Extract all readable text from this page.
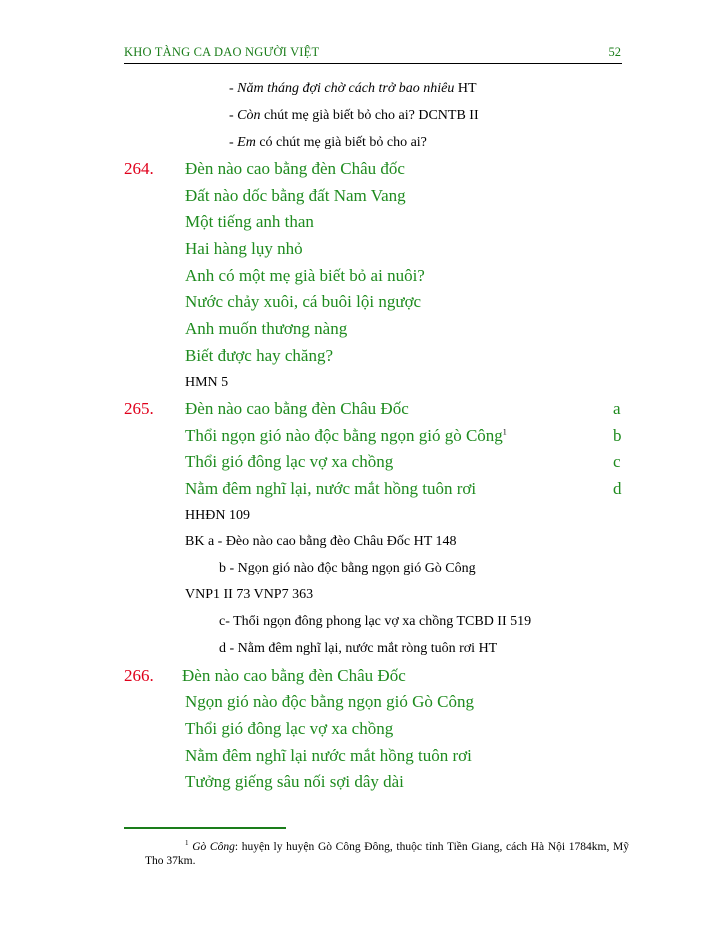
KHO TÀNG CA DAO NGƯỜI VIỆT	52
- Năm tháng đợi chờ cách trở bao nhiêu HT
- Còn chút mẹ già biết bỏ cho ai? DCNTB II
- Em có chút mẹ già biết bỏ cho ai?
264. Đèn nào cao bằng đèn Châu đốc
Đất nào dốc bằng đất Nam Vang
Một tiếng anh than
Hai hàng lụy nhỏ
Anh có một mẹ già biết bỏ ai nuôi?
Nước chảy xuôi, cá buôi lội ngược
Anh muốn thương nàng
Biết được hay chăng?
HMN 5
265. Đèn nào cao bằng đèn Châu Đốc	a
Thổi ngọn gió nào độc bằng ngọn gió gò Công$^1$	b
Thổi gió đông lạc vợ xa chồng	c
Nằm đêm nghĩ lại, nước mắt hồng tuôn rơi	d
HHĐN 109
BK a - Đèo nào cao bằng đèo Châu Đốc HT 148
b - Ngọn gió nào độc bằng ngọn gió Gò Công
VNP1 II 73 VNP7 363
c- Thổi ngọn đông phong lạc vợ xa chồng TCBD II 519
d - Nằm đêm nghĩ lại, nước mắt ròng tuôn rơi HT
266. Đèn nào cao bằng đèn Châu Đốc
Ngọn gió nào độc bằng ngọn gió Gò Công
Thổi gió đông lạc vợ xa chồng
Nằm đêm nghĩ lại nước mắt hồng tuôn rơi
Tưởng giếng sâu nối sợi dây dài
$^1$ Gò Công: huyện ly huyện Gò Công Đông, thuộc tỉnh Tiền Giang, cách Hà Nội 1784km, Mỹ Tho 37km.
